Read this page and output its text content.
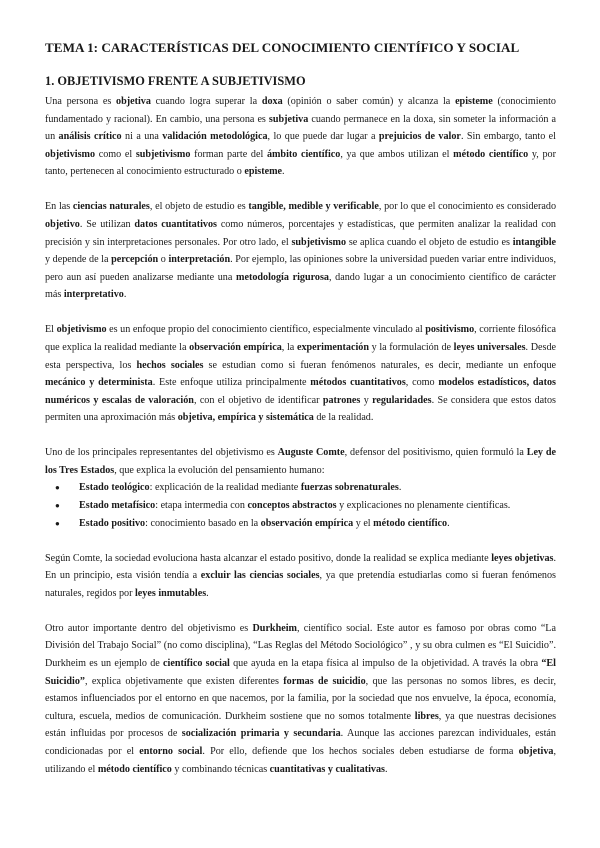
TEMA 1: CARACTERÍSTICAS DEL CONOCIMIENTO CIENTÍFICO Y SOCIAL
1. OBJETIVISMO FRENTE A SUBJETIVISMO

Una persona es objetiva cuando logra superar la doxa (opinión o saber común) y alcanza la episteme (conocimiento fundamentado y racional). En cambio, una persona es subjetiva cuando permanece en la doxa, sin someter la información a un análisis crítico ni a una validación metodológica, lo que puede dar lugar a prejuicios de valor. Sin embargo, tanto el objetivismo como el subjetivismo forman parte del ámbito científico, ya que ambos utilizan el método científico y, por tanto, pertenecen al conocimiento estructurado o episteme.

En las ciencias naturales, el objeto de estudio es tangible, medible y verificable, por lo que el conocimiento es considerado objetivo. Se utilizan datos cuantitativos como números, porcentajes y estadísticas, que permiten analizar la realidad con precisión y sin interpretaciones personales. Por otro lado, el subjetivismo se aplica cuando el objeto de estudio es intangible y depende de la percepción o interpretación. Por ejemplo, las opiniones sobre la universidad pueden variar entre individuos, pero aun así pueden analizarse mediante una metodología rigurosa, dando lugar a un conocimiento científico de carácter más interpretativo.

El objetivismo es un enfoque propio del conocimiento científico, especialmente vinculado al positivismo, corriente filosófica que explica la realidad mediante la observación empírica, la experimentación y la formulación de leyes universales. Desde esta perspectiva, los hechos sociales se estudian como si fueran fenómenos naturales, es decir, mediante un enfoque mecánico y determinista. Este enfoque utiliza principalmente métodos cuantitativos, como modelos estadísticos, datos numéricos y escalas de valoración, con el objetivo de identificar patrones y regularidades. Se considera que estos datos permiten una aproximación más objetiva, empírica y sistemática de la realidad.

Uno de los principales representantes del objetivismo es Auguste Comte, defensor del positivismo, quien formuló la Ley de los Tres Estados, que explica la evolución del pensamiento humano:

● Estado teológico: explicación de la realidad mediante fuerzas sobrenaturales.
● Estado metafísico: etapa intermedia con conceptos abstractos y explicaciones no plenamente científicas.
● Estado positivo: conocimiento basado en la observación empírica y el método científico.

Según Comte, la sociedad evoluciona hasta alcanzar el estado positivo, donde la realidad se explica mediante leyes objetivas. En un principio, esta visión tendía a excluir las ciencias sociales, ya que pretendía estudiarlas como si fueran fenómenos naturales, regidos por leyes inmutables.

Otro autor importante dentro del objetivismo es Durkheim, científico social. Este autor es famoso por obras como “La División del Trabajo Social” (no como disciplina), “Las Reglas del Método Sociológico” , y su obra culmen es “El Suicidio”. Durkheim es un ejemplo de científico social que ayuda en la etapa física al impulso de la objetividad. A través la obra “El Suicidio”, explica objetivamente que existen diferentes formas de suicidio, que las personas no somos libres, es decir, estamos influenciados por el entorno en que nacemos, por la familia, por la sociedad que nos envuelve, la época, economía, cultura, escuela, medios de comunicación. Durkheim sostiene que no somos totalmente libres, ya que nuestras decisiones están influidas por procesos de socialización primaria y secundaria. Aunque las acciones parezcan individuales, están condicionadas por el entorno social. Por ello, defiende que los hechos sociales deben estudiarse de forma objetiva, utilizando el método científico y combinando técnicas cuantitativas y cualitativas.
